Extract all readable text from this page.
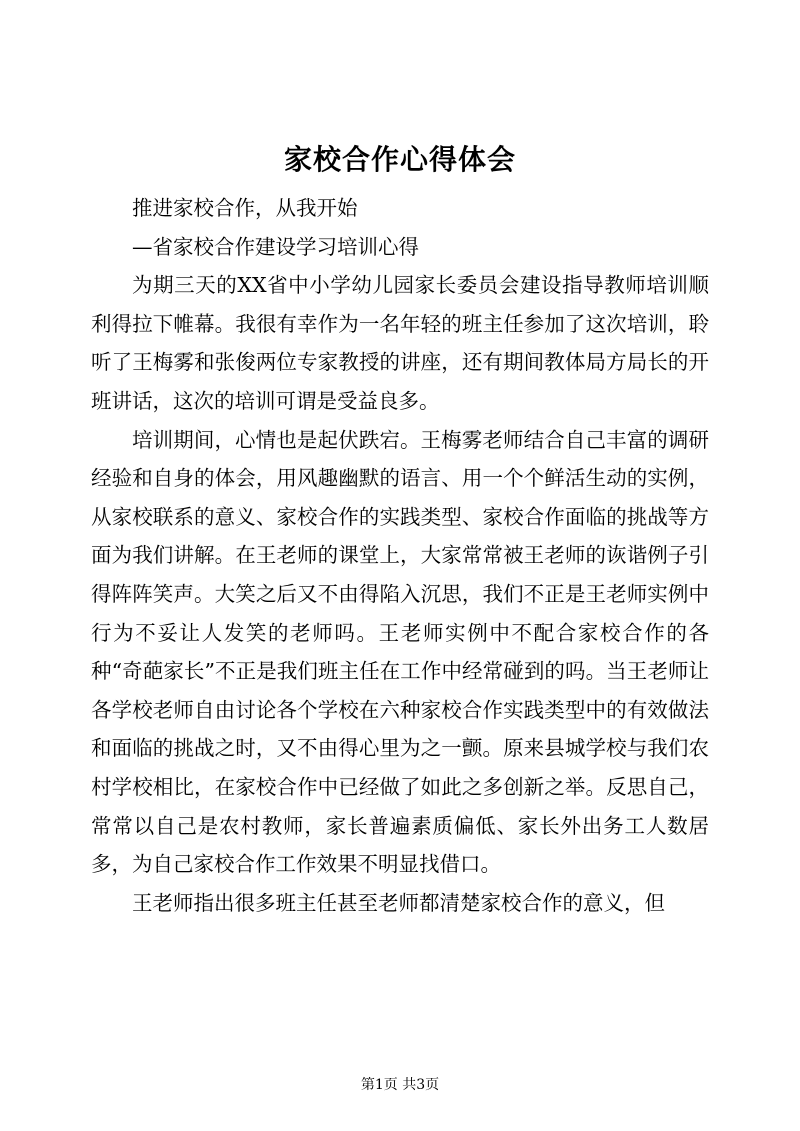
家校合作心得体会

推进家校合作，从我开始

—省家校合作建设学习培训心得

为期三天的XX省中小学幼儿园家长委员会建设指导教师培训顺利得拉下帷幕。我很有幸作为一名年轻的班主任参加了这次培训，聆听了王梅雾和张俊两位专家教授的讲座，还有期间教体局方局长的开班讲话，这次的培训可谓是受益良多。

培训期间，心情也是起伏跌宕。王梅雾老师结合自己丰富的调研经验和自身的体会，用风趣幽默的语言、用一个个鲜活生动的实例，从家校联系的意义、家校合作的实践类型、家校合作面临的挑战等方面为我们讲解。在王老师的课堂上，大家常常被王老师的诙谐例子引得阵阵笑声。大笑之后又不由得陷入沉思，我们不正是王老师实例中行为不妥让人发笑的老师吗。王老师实例中不配合家校合作的各种“奇葩家长”不正是我们班主任在工作中经常碰到的吗。当王老师让各学校老师自由讨论各个学校在六种家校合作实践类型中的有效做法和面临的挑战之时，又不由得心里为之一颤。原来县城学校与我们农村学校相比，在家校合作中已经做了如此之多创新之举。反思自己，常常以自己是农村教师，家长普遍素质偏低、家长外出务工人数居多，为自己家校合作工作效果不明显找借口。

王老师指出很多班主任甚至老师都清楚家校合作的意义，但

第1页 共3页
